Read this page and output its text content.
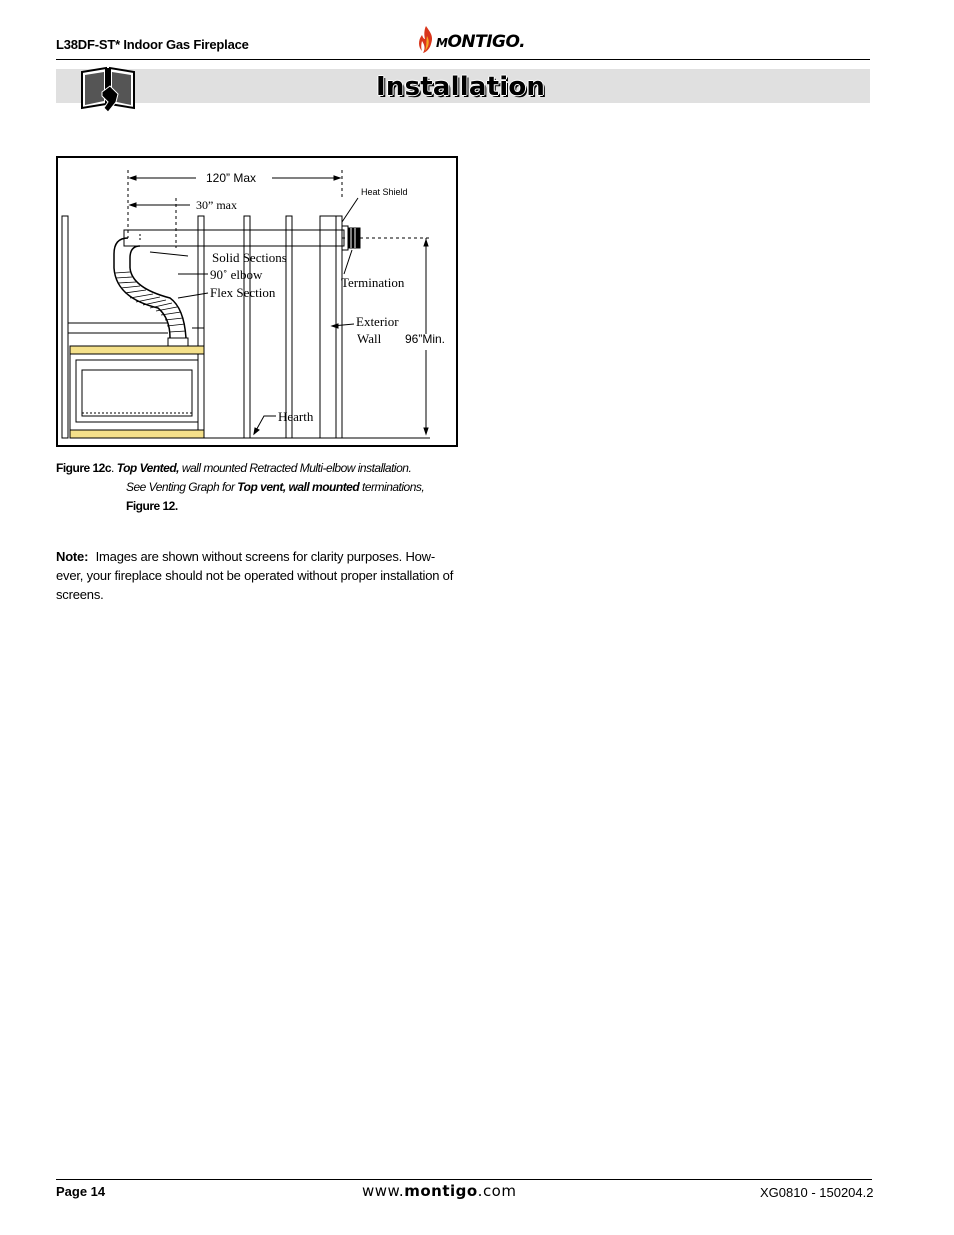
L38DF-ST* Indoor Gas Fireplace	MONTIGO.
Installation
120” Max
30” max
Heat Shield
Solid Sections
90˚ elbow
Flex Section
Termination
Exterior
Wall 96”Min.
Hearth
Figure 12c. Top Vented, wall mounted Retracted Multi-elbow installation.
See Venting Graph for Top vent, wall mounted terminations,
Figure 12.
Note: Images are shown without screens for clarity purposes. How-ever, your fireplace should not be operated without proper installation of screens.
Page 14	www.montigo.com	XG0810 - 150204.2
